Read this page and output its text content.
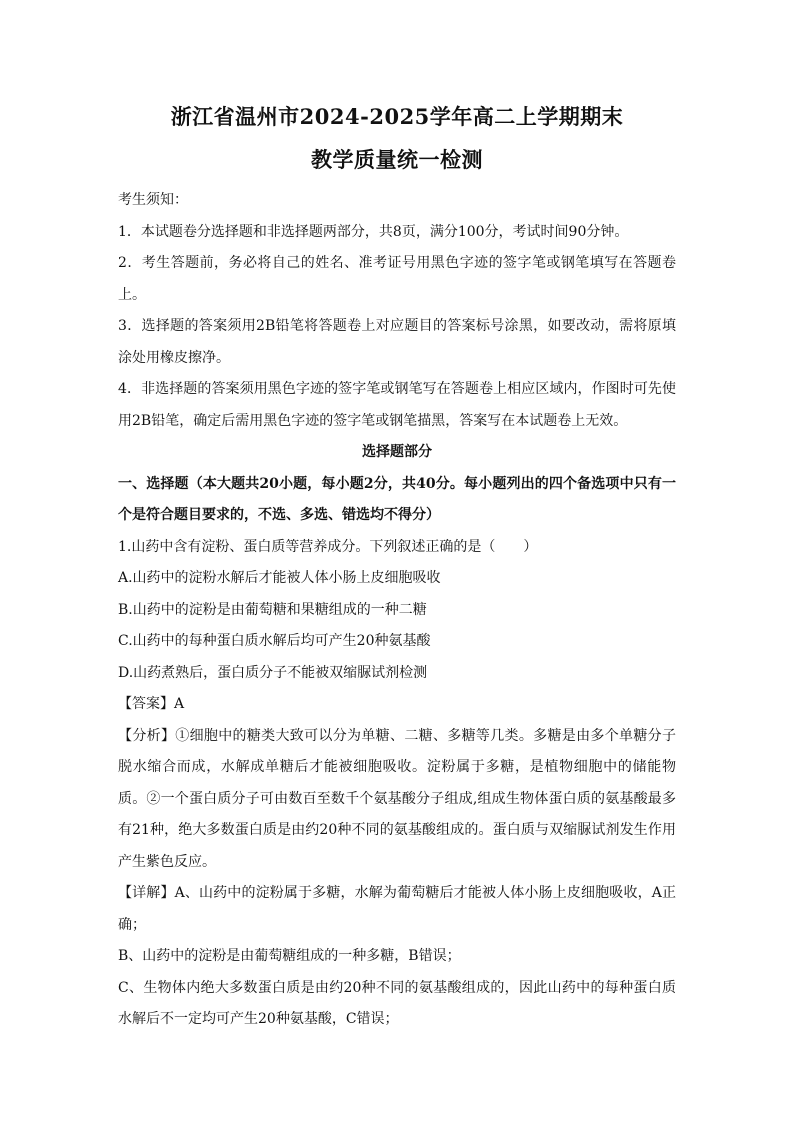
浙江省温州市2024-2025学年高二上学期期末
教学质量统一检测

考生须知：

1．本试题卷分选择题和非选择题两部分，共8页，满分100分，考试时间90分钟。

2．考生答题前，务必将自己的姓名、准考证号用黑色字迹的签字笔或钢笔填写在答题卷上。

3．选择题的答案须用2B铅笔将答题卷上对应题目的答案标号涂黑，如要改动，需将原填涂处用橡皮擦净。

4．非选择题的答案须用黑色字迹的签字笔或钢笔写在答题卷上相应区域内，作图时可先使用2B铅笔，确定后需用黑色字迹的签字笔或钢笔描黑，答案写在本试题卷上无效。

选择题部分

一、选择题（本大题共20小题，每小题2分，共40分。每小题列出的四个备选项中只有一个是符合题目要求的，不选、多选、错选均不得分）

1.山药中含有淀粉、蛋白质等营养成分。下列叙述正确的是（　　）

A.山药中的淀粉水解后才能被人体小肠上皮细胞吸收

B.山药中的淀粉是由葡萄糖和果糖组成的一种二糖

C.山药中的每种蛋白质水解后均可产生20种氨基酸

D.山药煮熟后，蛋白质分子不能被双缩脲试剂检测

【答案】A

【分析】①细胞中的糖类大致可以分为单糖、二糖、多糖等几类。多糖是由多个单糖分子脱水缩合而成，水解成单糖后才能被细胞吸收。淀粉属于多糖，是植物细胞中的储能物质。②一个蛋白质分子可由数百至数千个氨基酸分子组成,组成生物体蛋白质的氨基酸最多有21种，绝大多数蛋白质是由约20种不同的氨基酸组成的。蛋白质与双缩脲试剂发生作用产生紫色反应。

【详解】A、山药中的淀粉属于多糖，水解为葡萄糖后才能被人体小肠上皮细胞吸收，A正确；

B、山药中的淀粉是由葡萄糖组成的一种多糖，B错误；

C、生物体内绝大多数蛋白质是由约20种不同的氨基酸组成的，因此山药中的每种蛋白质水解后不一定均可产生20种氨基酸，C错误；
